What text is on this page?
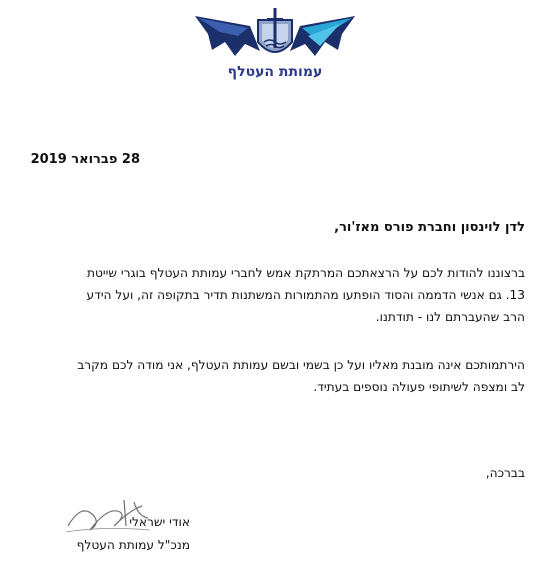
עמותת העטלף
28 פברואר 2019
לדן לוינסון וחברת פורס מאז'ור,
ברצוננו להודות לכם על הרצאתכם המרתקת אמש לחברי עמותת העטלף בוגרי שייטת
13. גם אנשי הדממה והסוד הופתעו מהתמורות המשתנות תדיר בתקופה זה, ועל הידע
הרב שהעברתם לנו - תודתנו.
הירתמותכם אינה מובנת מאליו ועל כן בשמי ובשם עמותת העטלף, אני מודה לכם מקרב
לב ומצפה לשיתופי פעולה נוספים בעתיד.
בברכה,
אודי ישראלי
מנכ"ל עמותת העטלף
